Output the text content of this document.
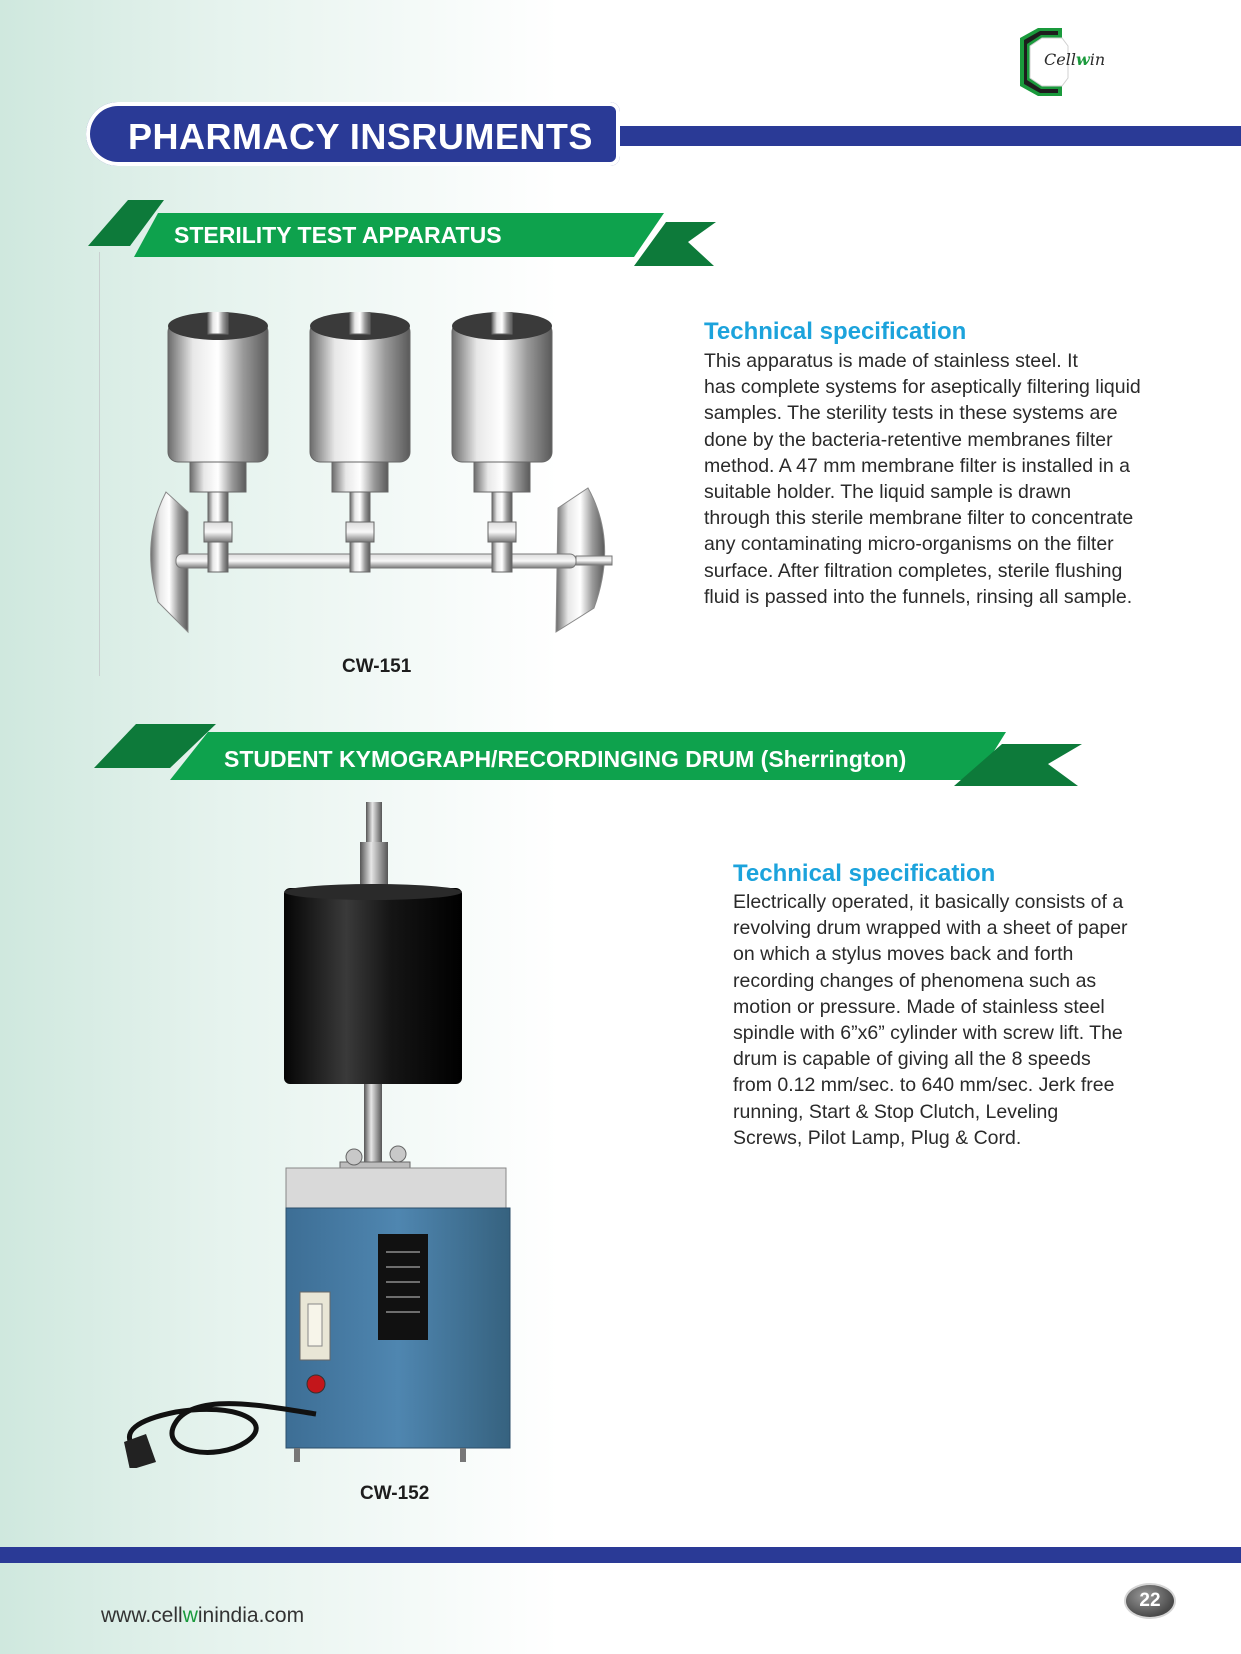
Cellwin
PHARMACY INSRUMENTS
STERILITY TEST APPARATUS
CW-151
Technical specification
This apparatus is made of stainless steel. It
has complete systems for aseptically filtering liquid
samples. The sterility tests in these systems are
done by the bacteria-retentive membranes filter
method. A 47 mm membrane filter is installed in a
suitable holder. The liquid sample is drawn
through this sterile membrane filter to concentrate
any contaminating micro-organisms on the filter
surface. After filtration completes, sterile flushing
fluid is passed into the funnels, rinsing all sample.
STUDENT KYMOGRAPH/RECORDINGING DRUM (Sherrington)
CW-152
Technical specification
Electrically operated, it basically consists of a
revolving drum wrapped with a sheet of paper
on which a stylus moves back and forth
recording changes of phenomena such as
motion or pressure. Made of stainless steel
spindle with 6”x6” cylinder with screw lift. The
drum is capable of giving all the 8 speeds
from 0.12 mm/sec. to 640 mm/sec. Jerk free
running, Start & Stop Clutch, Leveling
Screws, Pilot Lamp, Plug & Cord.
www.cellwinindia.com
22
